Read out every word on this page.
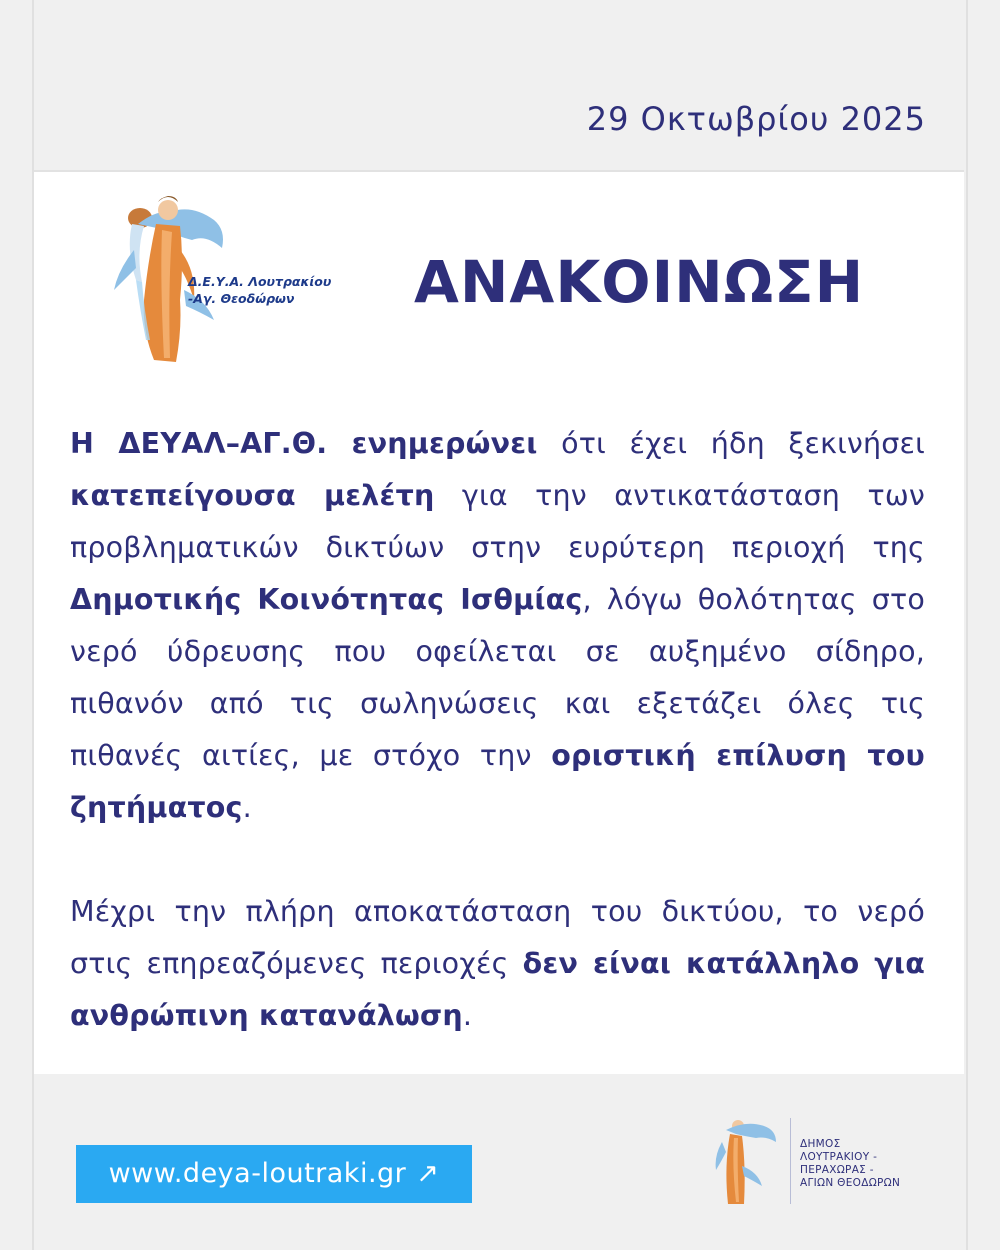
29 Οκτωβρίου 2025
Δ.Ε.Υ.Α. Λουτρακίου
-Αγ. Θεοδώρων	ΑΝΑΚΟΙΝΩΣΗ
Η ΔΕΥΑΛ–ΑΓ.Θ. ενημερώνει ότι έχει ήδη ξεκινήσει κατεπείγουσα μελέτη για την αντικατάσταση των προβληματικών δικτύων στην ευρύτερη περιοχή της Δημοτικής Κοινότητας Ισθμίας, λόγω θολότητας στο νερό ύδρευσης που οφείλεται σε αυξημένο σίδηρο, πιθανόν από τις σωληνώσεις και εξετάζει όλες τις πιθανές αιτίες, με στόχο την οριστική επίλυση του ζητήματος.
Μέχρι την πλήρη αποκατάσταση του δικτύου, το νερό στις επηρεαζόμενες περιοχές δεν είναι κατάλληλο για ανθρώπινη κατανάλωση.
www.deya-loutraki.gr ↗
ΔΗΜΟΣ
ΛΟΥΤΡΑΚΙΟΥ -
ΠΕΡΑΧΩΡΑΣ -
ΑΓΙΩΝ ΘΕΟΔΩΡΩΝ
